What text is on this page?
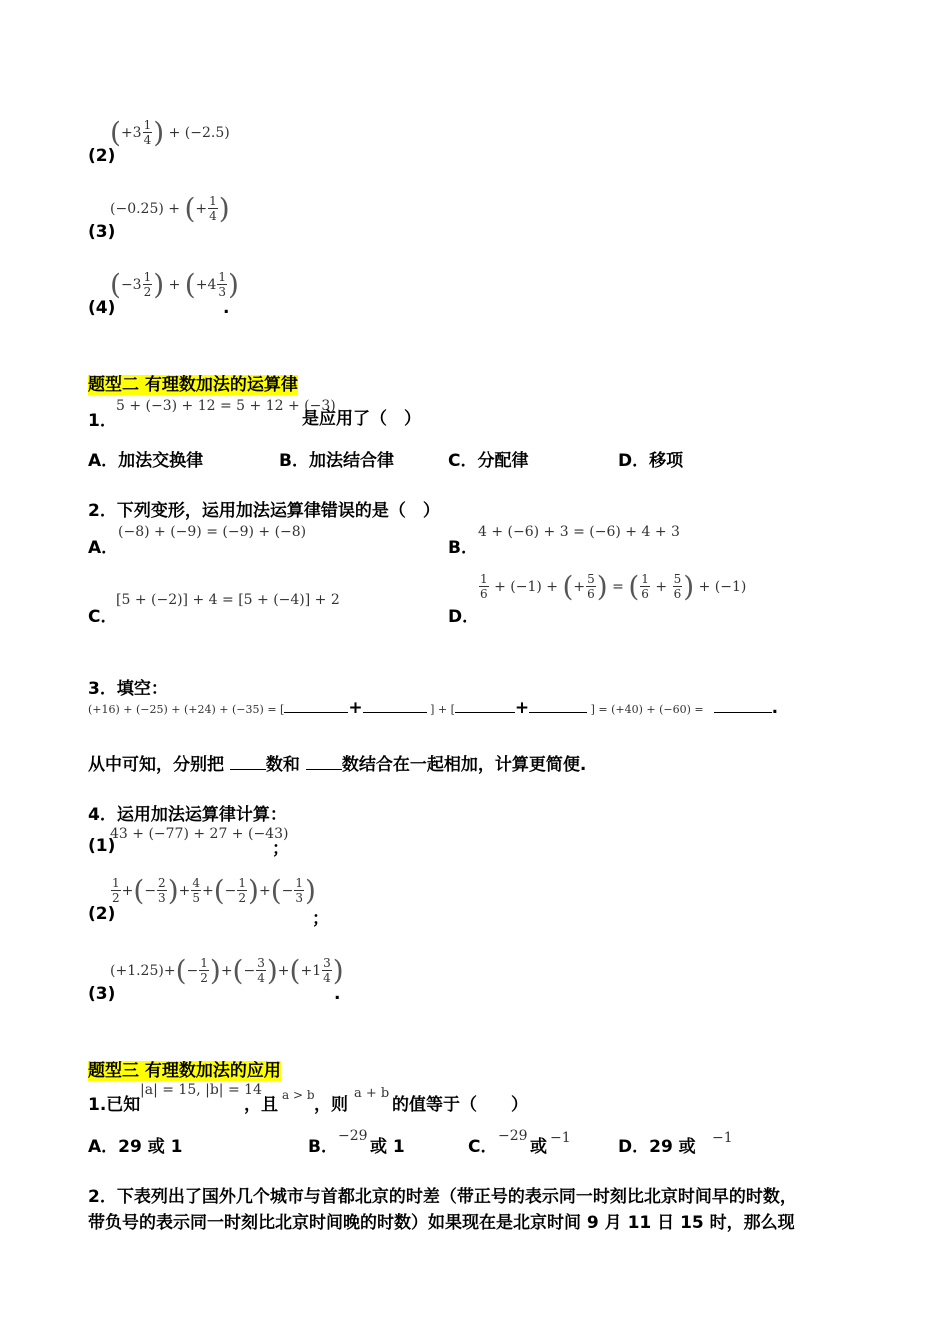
(2)
( $+3 \frac{1}{4}$ ) + (−2.5)
(3)
(−0.25) + ( + $\frac{1}{4}$ )
(4)
( $-3 \frac{1}{2}$ ) + ( $+4 \frac{1}{3}$ )
.
题型二 有理数加法的运算律
1．
5 + (−3) + 12 = 5 + 12 + (−3)
是应用了（　）
A．加法交换律	B．加法结合律	C．分配律	D．移项
2．下列变形，运用加法运算律错误的是（　）
A．
(−8) + (−9) = (−9) + (−8)
B．
4 + (−6) + 3 = (−6) + 4 + 3
C．
[5 + (−2)] + 4 = [5 + (−4)] + 2
D．
$\frac{1}{6} + (-1)$ + ( + $\frac{5}{6}$ ) = ( $\frac{1}{6} + \frac{5}{6}$ ) + (−1)
3．填空：
(+16) + (−25) + (+24) + (−35) = [	+	] + [	+	] = (+40) + (−60) =	.
从中可知，分别把 数和 数结合在一起相加，计算更简便.
4．运用加法运算律计算：
(1)
43 + (−77) + 27 + (−43)
；
(2)
$\frac{1}{2}$ + ( − $\frac{2}{3}$ ) + $\frac{4}{5}$ + ( − $\frac{1}{2}$ ) + ( − $\frac{1}{3}$ )
；
(3)
(+1.25)+ ( − $\frac{1}{2}$ ) + ( − $\frac{3}{4}$ ) + ( $+1 \frac{3}{4}$ )
.
题型三 有理数加法的应用
1.已知
|a| = 15, |b| = 14
，且 a > b ，则
a + b
的值等于（　　）
A．29 或 1	B．
−29
或 1	C．
−29
或 −1	D．29 或 −1
2．下表列出了国外几个城市与首都北京的时差（带正号的表示同一时刻比北京时间早的时数，
带负号的表示同一时刻比北京时间晚的时数）如果现在是北京时间 9 月 11 日 15 时，那么现
